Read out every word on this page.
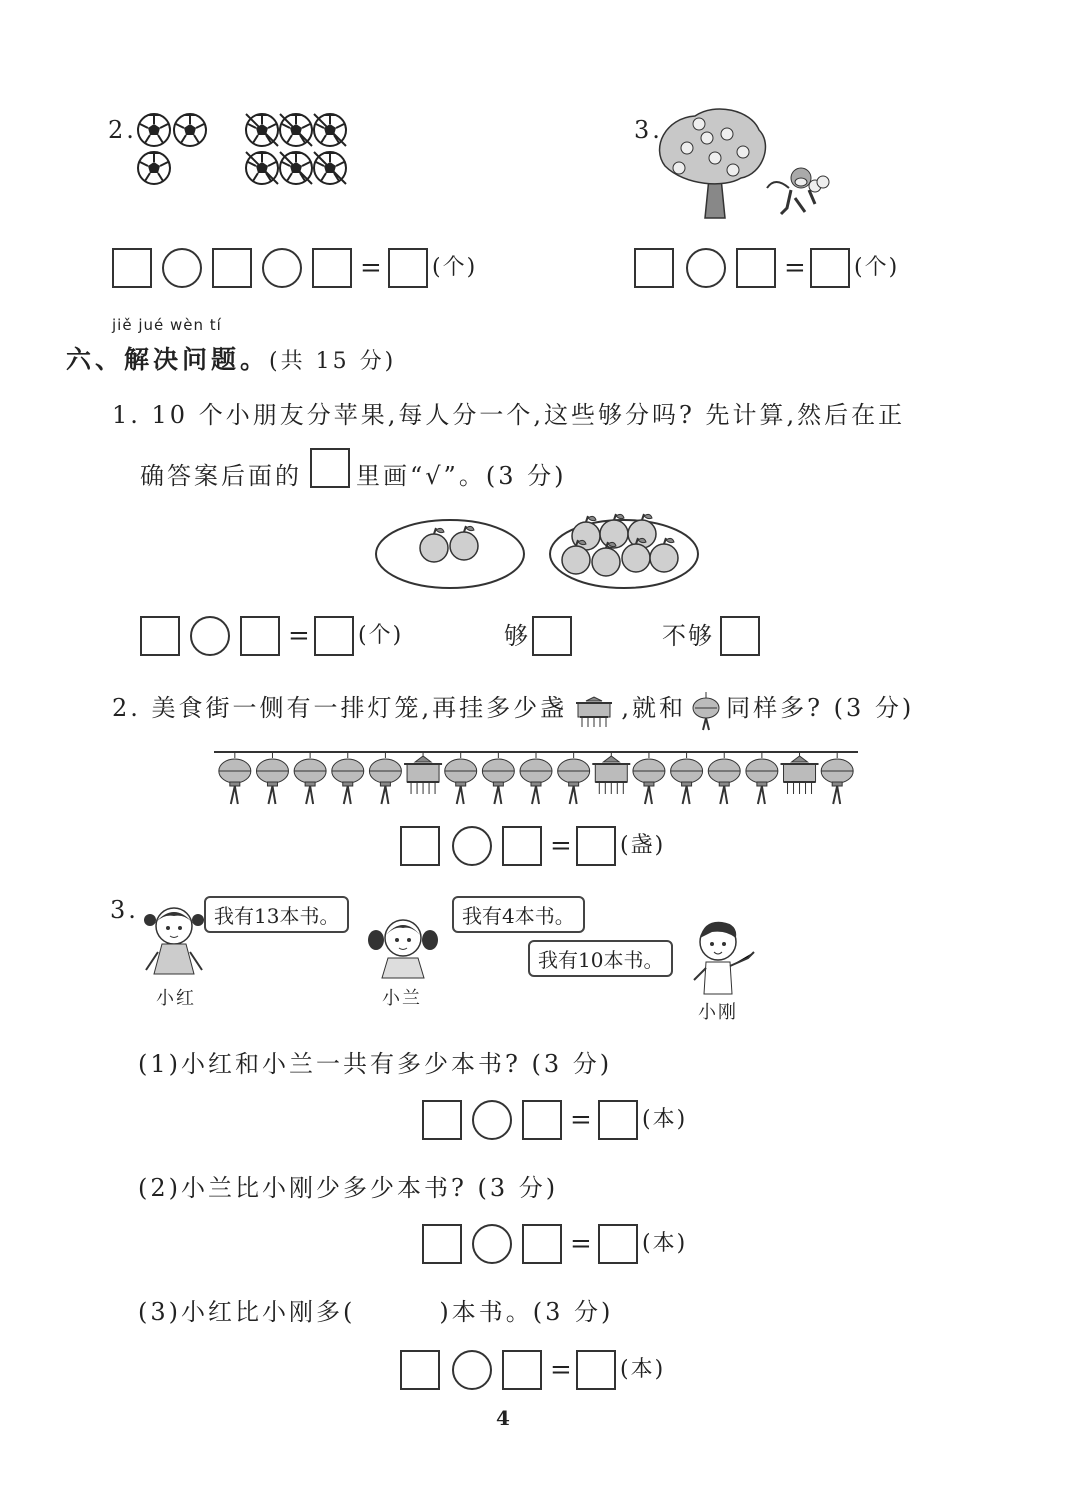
2.
= (个)
3.
= (个)
jiě jué wèn tí
六、解决问题。(共 15 分)
1. 10 个小朋友分苹果,每人分一个,这些够分吗? 先计算,然后在正
确答案后面的 里画“√”。(3 分)
= (个)	够	不够
2. 美食街一侧有一排灯笼,再挂多少盏 ,就和 同样多? (3 分)
= (盏)
3.	我有13本书。
小红
我有4本书。
小兰
我有10本书。
小刚
(1)小红和小兰一共有多少本书? (3 分)
= (本)
(2)小兰比小刚少多少本书? (3 分)
= (本)
(3)小红比小刚多(	)本书。(3 分)
= (本)
4
